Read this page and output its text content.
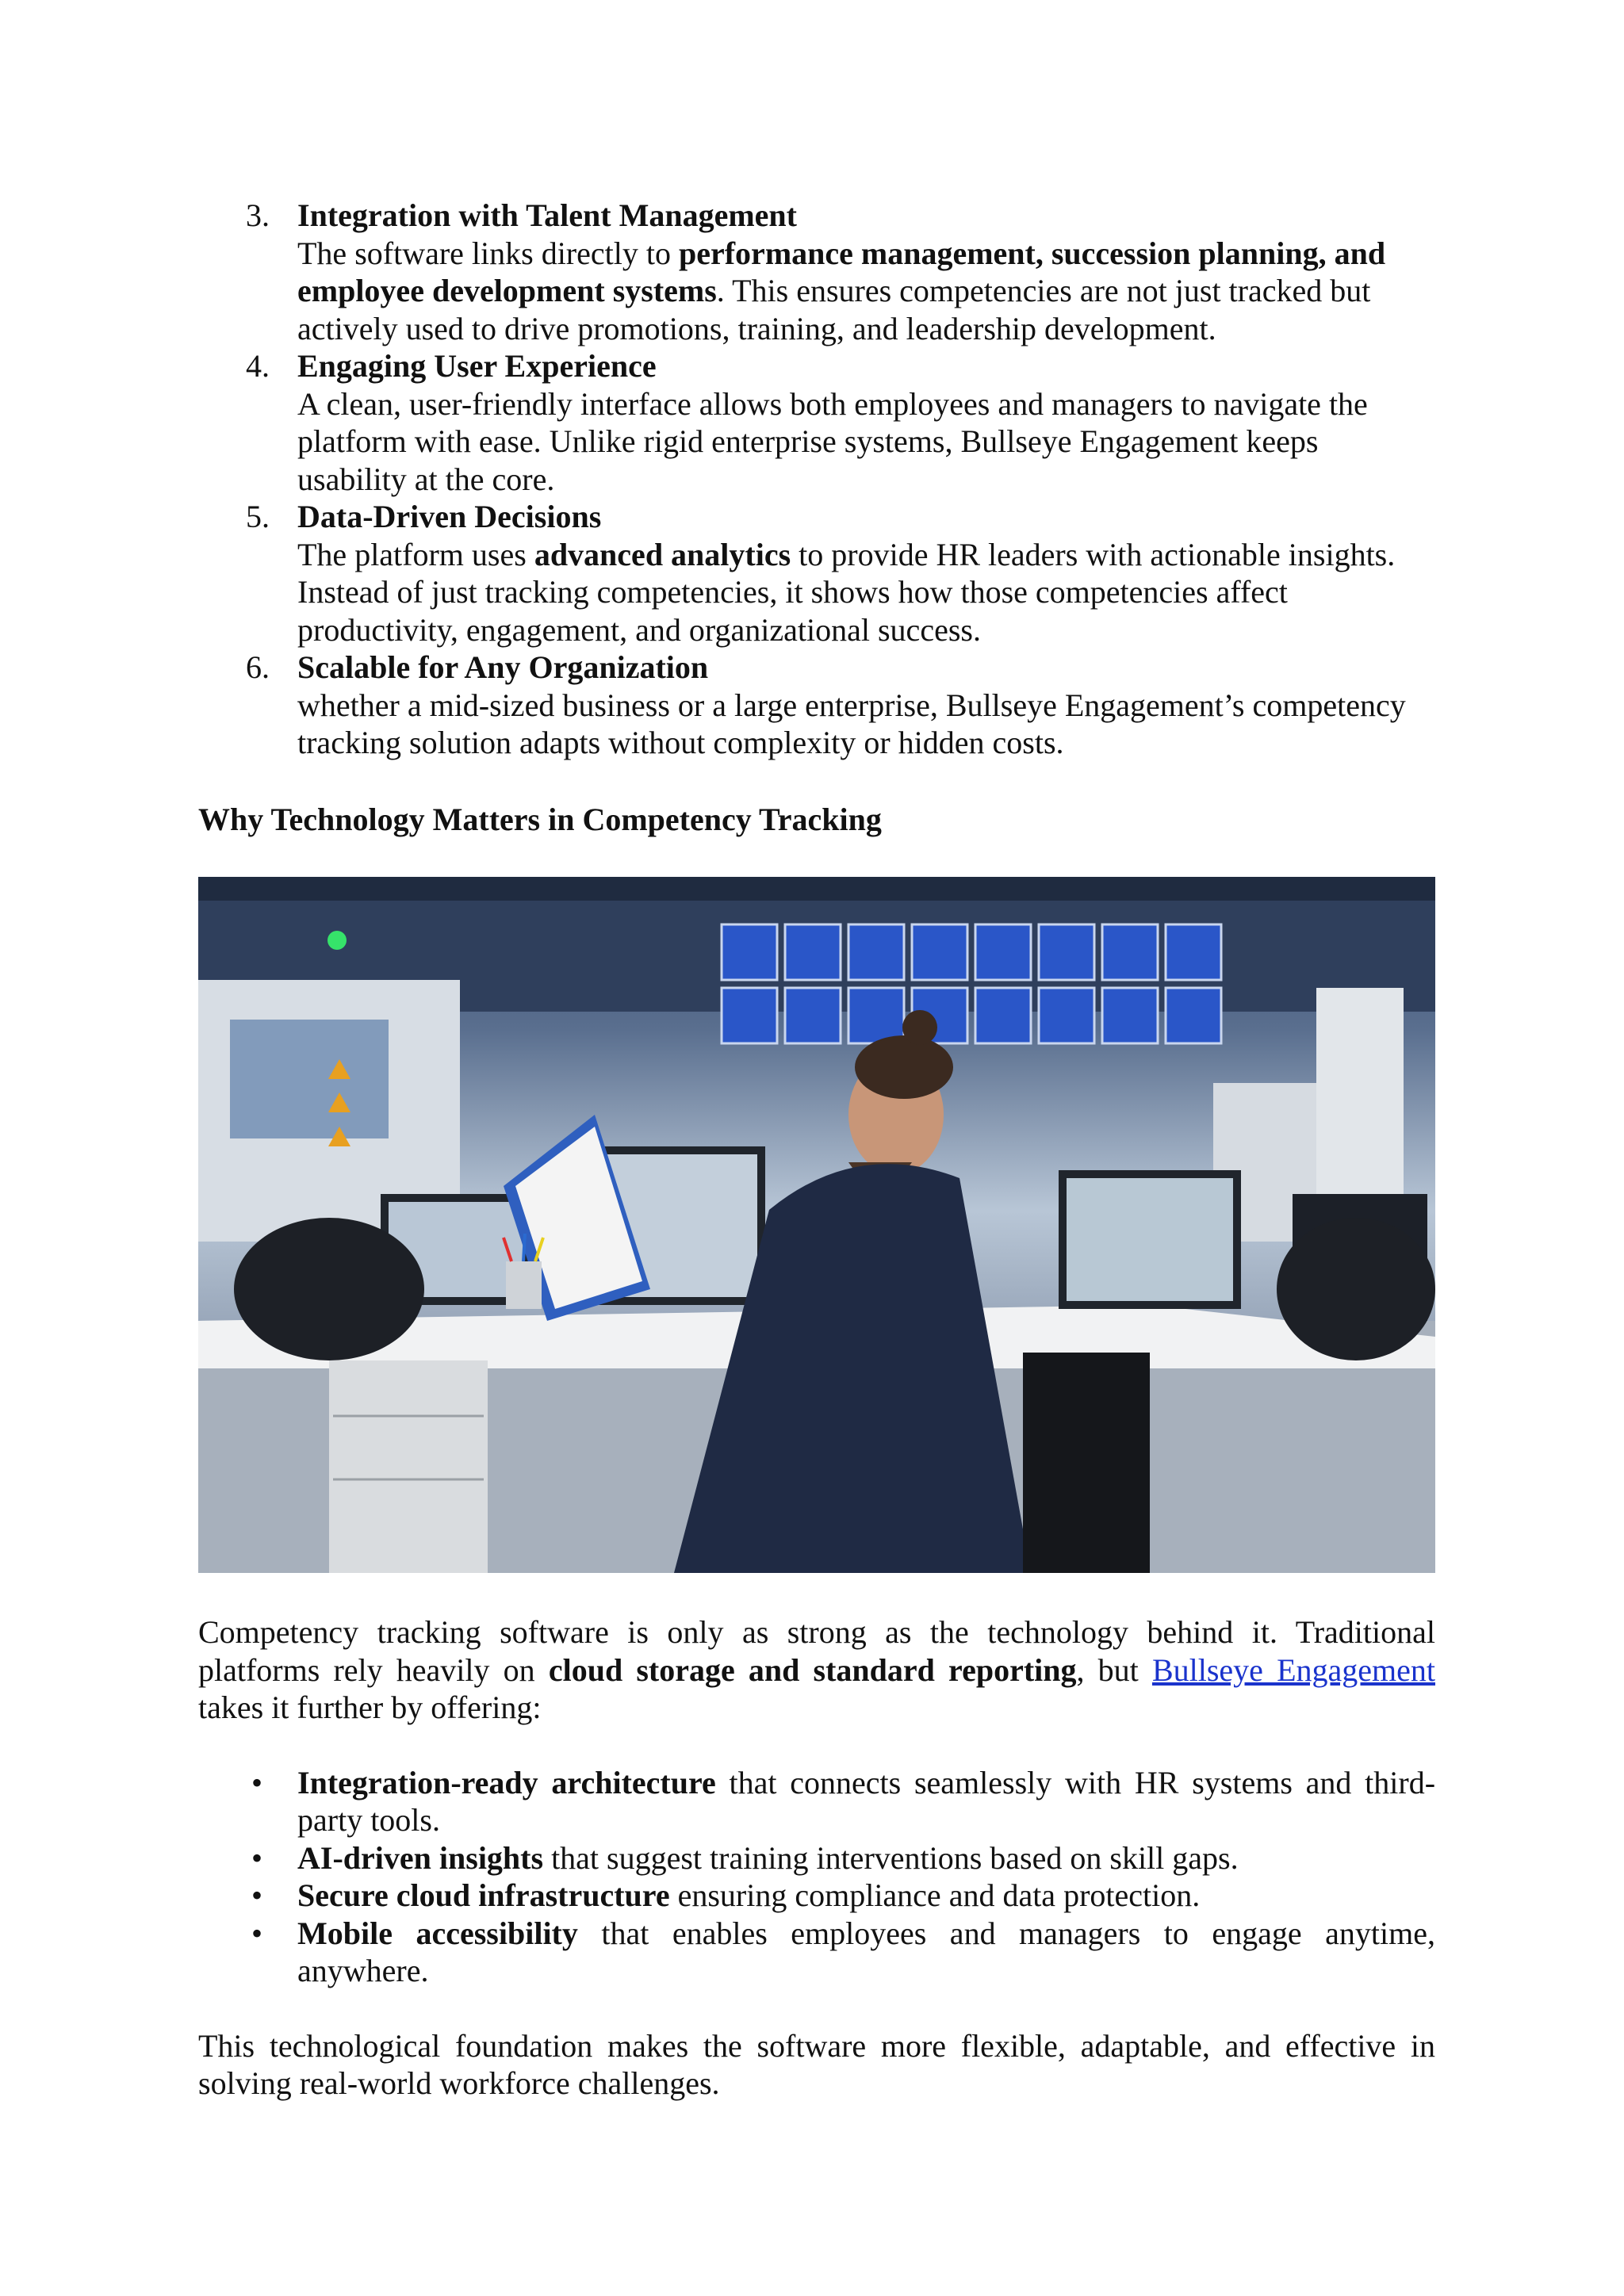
3. Integration with Talent Management
The software links directly to performance management, succession planning, and employee development systems. This ensures competencies are not just tracked but actively used to drive promotions, training, and leadership development.
4. Engaging User Experience
A clean, user-friendly interface allows both employees and managers to navigate the platform with ease. Unlike rigid enterprise systems, Bullseye Engagement keeps usability at the core.
5. Data-Driven Decisions
The platform uses advanced analytics to provide HR leaders with actionable insights. Instead of just tracking competencies, it shows how those competencies affect productivity, engagement, and organizational success.
6. Scalable for Any Organization
whether a mid-sized business or a large enterprise, Bullseye Engagement’s competency tracking solution adapts without complexity or hidden costs.
Why Technology Matters in Competency Tracking

Competency tracking software is only as strong as the technology behind it. Traditional platforms rely heavily on cloud storage and standard reporting, but Bullseye Engagement takes it further by offering:

• Integration-ready architecture that connects seamlessly with HR systems and third-party tools.
• AI-driven insights that suggest training interventions based on skill gaps.
• Secure cloud infrastructure ensuring compliance and data protection.
• Mobile accessibility that enables employees and managers to engage anytime, anywhere.

This technological foundation makes the software more flexible, adaptable, and effective in solving real-world workforce challenges.
